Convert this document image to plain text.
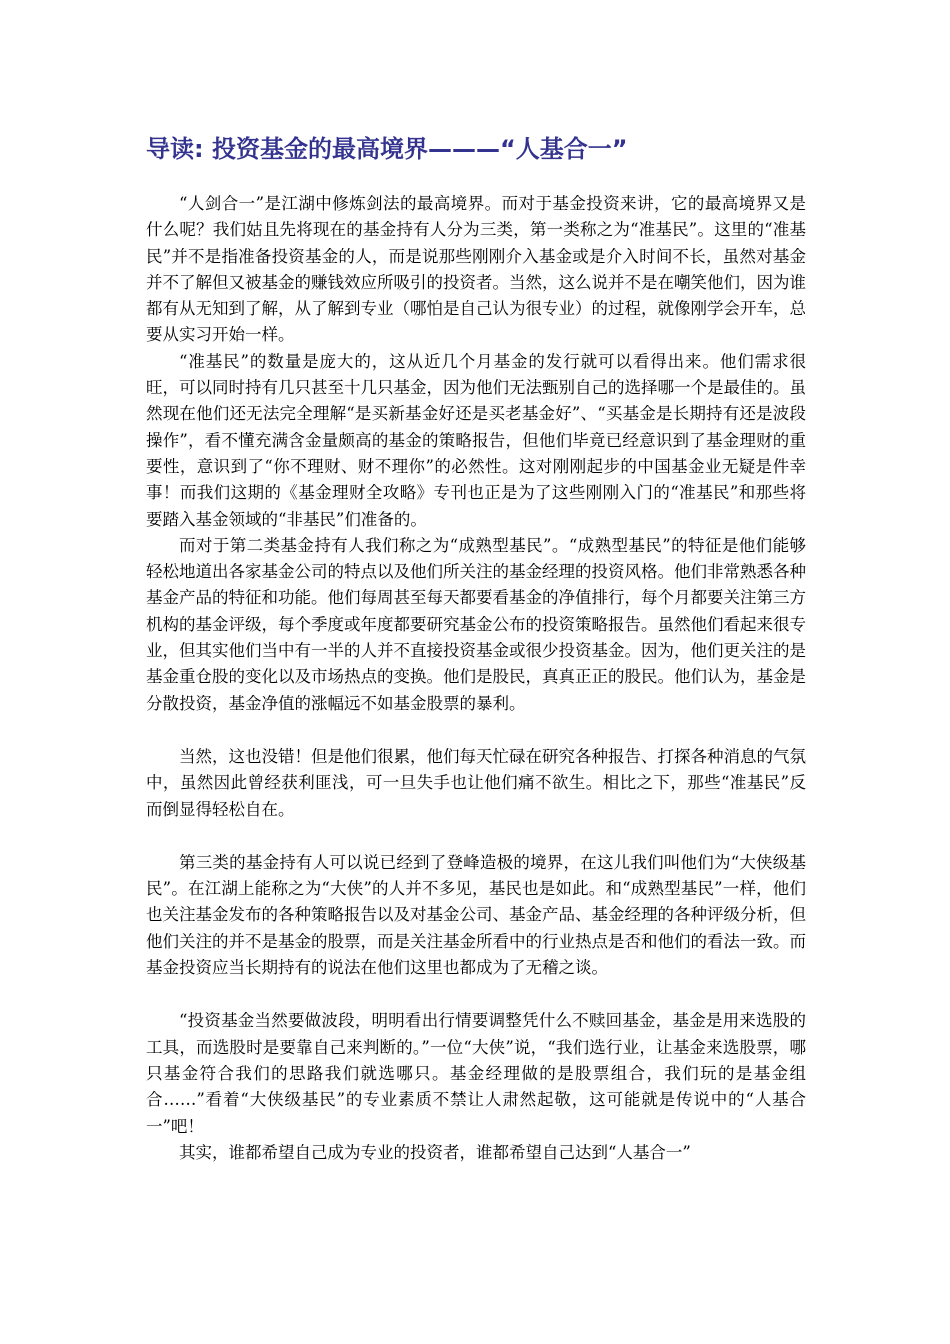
导读: 投资基金的最高境界———“人基合一”

“人剑合一”是江湖中修炼剑法的最高境界。而对于基金投资来讲，它的最高境界又是什么呢？我们姑且先将现在的基金持有人分为三类，第一类称之为“准基民”。这里的“准基民”并不是指准备投资基金的人，而是说那些刚刚介入基金或是介入时间不长，虽然对基金并不了解但又被基金的赚钱效应所吸引的投资者。当然，这么说并不是在嘲笑他们，因为谁都有从无知到了解，从了解到专业（哪怕是自己认为很专业）的过程，就像刚学会开车，总要从实习开始一样。

“准基民”的数量是庞大的，这从近几个月基金的发行就可以看得出来。他们需求很旺，可以同时持有几只甚至十几只基金，因为他们无法甄别自己的选择哪一个是最佳的。虽然现在他们还无法完全理解“是买新基金好还是买老基金好”、“买基金是长期持有还是波段操作”，看不懂充满含金量颇高的基金的策略报告，但他们毕竟已经意识到了基金理财的重要性，意识到了“你不理财、财不理你”的必然性。这对刚刚起步的中国基金业无疑是件幸事！而我们这期的《基金理财全攻略》专刊也正是为了这些刚刚入门的“准基民”和那些将要踏入基金领域的“非基民”们准备的。

而对于第二类基金持有人我们称之为“成熟型基民”。“成熟型基民”的特征是他们能够轻松地道出各家基金公司的特点以及他们所关注的基金经理的投资风格。他们非常熟悉各种基金产品的特征和功能。他们每周甚至每天都要看基金的净值排行，每个月都要关注第三方机构的基金评级，每个季度或年度都要研究基金公布的投资策略报告。虽然他们看起来很专业，但其实他们当中有一半的人并不直接投资基金或很少投资基金。因为，他们更关注的是基金重仓股的变化以及市场热点的变换。他们是股民，真真正正的股民。他们认为，基金是分散投资，基金净值的涨幅远不如基金股票的暴利。

当然，这也没错！但是他们很累，他们每天忙碌在研究各种报告、打探各种消息的气氛中，虽然因此曾经获利匪浅，可一旦失手也让他们痛不欲生。相比之下，那些“准基民”反而倒显得轻松自在。

第三类的基金持有人可以说已经到了登峰造极的境界，在这儿我们叫他们为“大侠级基民”。在江湖上能称之为“大侠”的人并不多见，基民也是如此。和“成熟型基民”一样，他们也关注基金发布的各种策略报告以及对基金公司、基金产品、基金经理的各种评级分析，但他们关注的并不是基金的股票，而是关注基金所看中的行业热点是否和他们的看法一致。而基金投资应当长期持有的说法在他们这里也都成为了无稽之谈。

“投资基金当然要做波段，明明看出行情要调整凭什么不赎回基金，基金是用来选股的工具，而选股时是要靠自己来判断的。”一位“大侠”说，“我们选行业，让基金来选股票，哪只基金符合我们的思路我们就选哪只。基金经理做的是股票组合，我们玩的是基金组合……”看着“大侠级基民”的专业素质不禁让人肃然起敬，这可能就是传说中的“人基合一”吧！

其实，谁都希望自己成为专业的投资者，谁都希望自己达到“人基合一”
